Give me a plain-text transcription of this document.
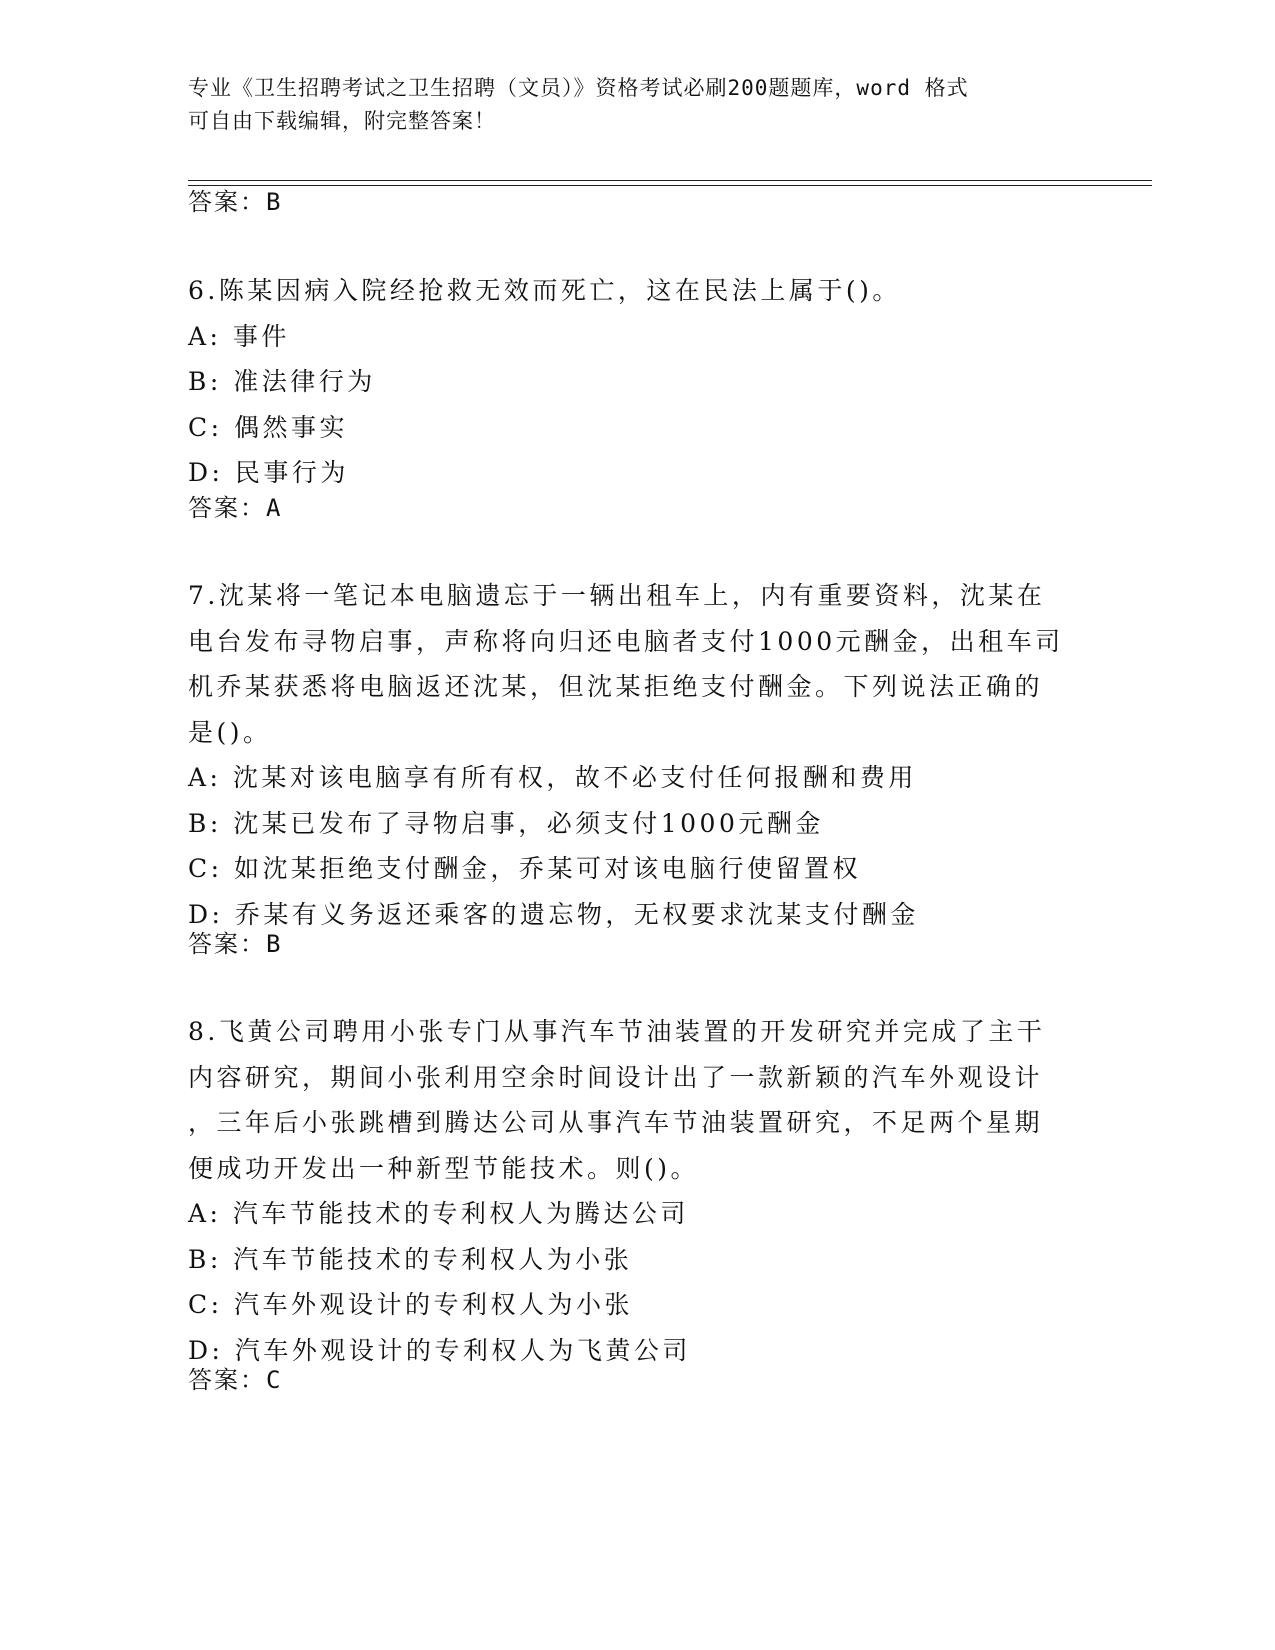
专业《卫生招聘考试之卫生招聘（文员）》资格考试必刷200题题库，word 格式
可自由下载编辑，附完整答案！
答案：B

6.陈某因病入院经抢救无效而死亡，这在民法上属于()。

A: 事件

B: 准法律行为

C: 偶然事实

D: 民事行为

答案：A

7.沈某将一笔记本电脑遗忘于一辆出租车上，内有重要资料，沈某在

电台发布寻物启事，声称将向归还电脑者支付1000元酬金，出租车司

机乔某获悉将电脑返还沈某，但沈某拒绝支付酬金。下列说法正确的

是()。

A: 沈某对该电脑享有所有权，故不必支付任何报酬和费用

B: 沈某已发布了寻物启事，必须支付1000元酬金

C: 如沈某拒绝支付酬金，乔某可对该电脑行使留置权

D: 乔某有义务返还乘客的遗忘物，无权要求沈某支付酬金

答案：B

8.飞黄公司聘用小张专门从事汽车节油装置的开发研究并完成了主干

内容研究，期间小张利用空余时间设计出了一款新颖的汽车外观设计

，三年后小张跳槽到腾达公司从事汽车节油装置研究，不足两个星期

便成功开发出一种新型节能技术。则()。

A: 汽车节能技术的专利权人为腾达公司

B: 汽车节能技术的专利权人为小张

C: 汽车外观设计的专利权人为小张

D: 汽车外观设计的专利权人为飞黄公司

答案：C
